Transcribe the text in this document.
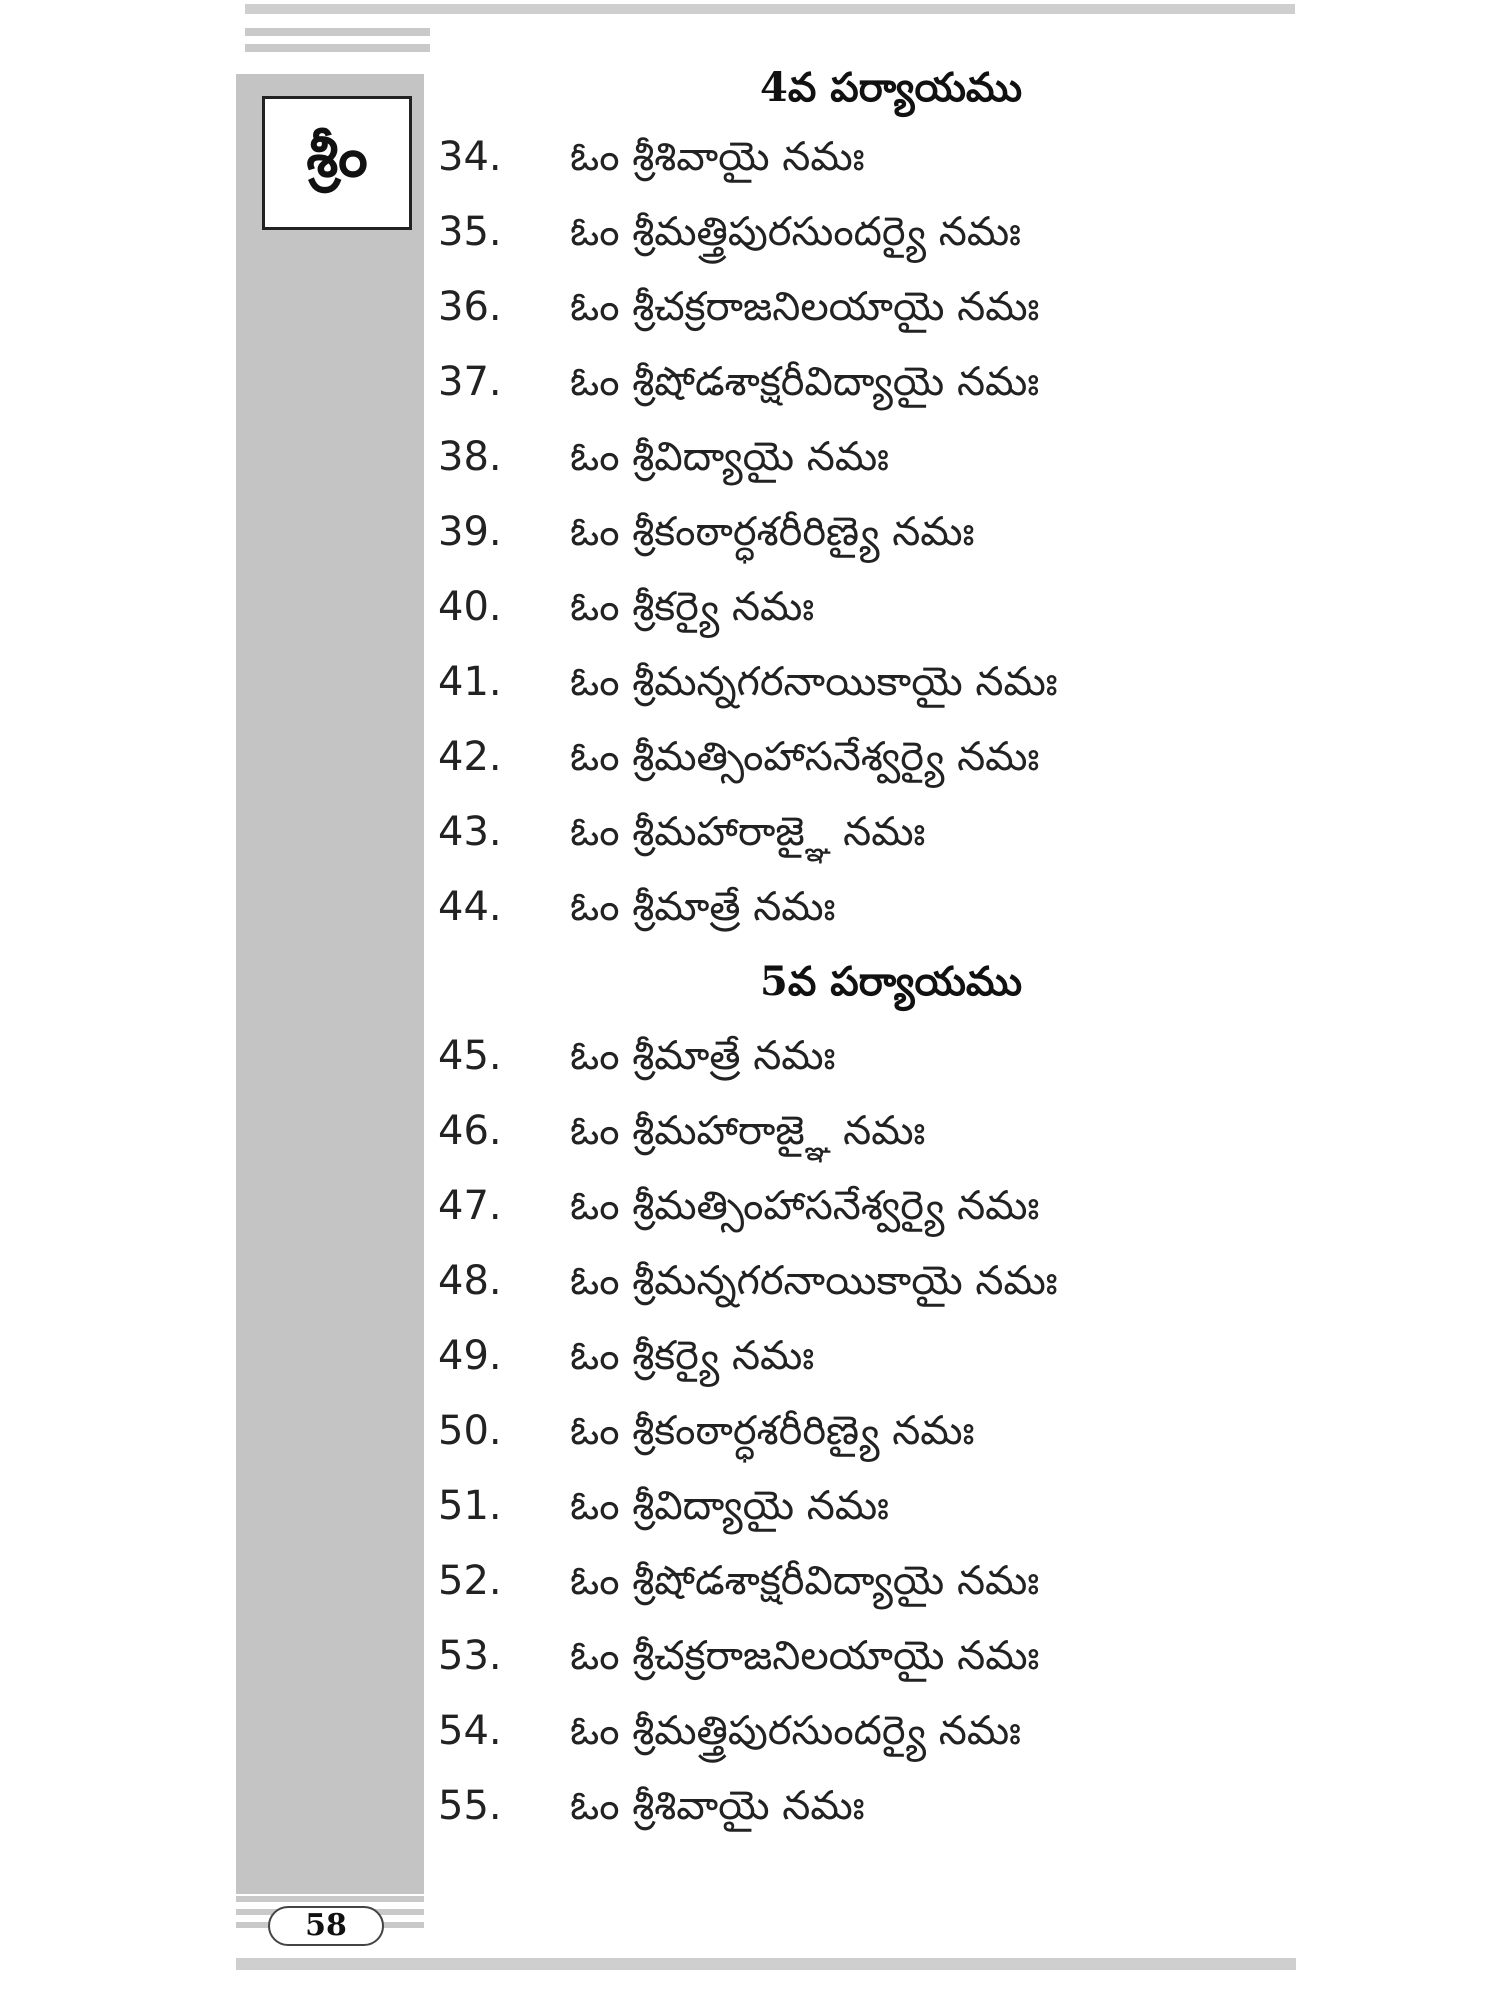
శ్రీం
4వ పర్యాయము
34.	ఓం శ్రీశివాయై నమః
35.	ఓం శ్రీమత్త్రిపురసుందర్యై నమః
36.	ఓం శ్రీచక్రరాజనిలయాయై నమః
37.	ఓం శ్రీషోడశాక్షరీవిద్యాయై నమః
38.	ఓం శ్రీవిద్యాయై నమః
39.	ఓం శ్రీకంఠార్ధశరీరిణ్యై నమః
40.	ఓం శ్రీకర్యై నమః
41.	ఓం శ్రీమన్నగరనాయికాయై నమః
42.	ఓం శ్రీమత్సింహాసనేశ్వర్యై నమః
43.	ఓం శ్రీమహారాజ్ఞై నమః
44.	ఓం శ్రీమాత్రే నమః
5వ పర్యాయము
45.	ఓం శ్రీమాత్రే నమః
46.	ఓం శ్రీమహారాజ్ఞై నమః
47.	ఓం శ్రీమత్సింహాసనేశ్వర్యై నమః
48.	ఓం శ్రీమన్నగరనాయికాయై నమః
49.	ఓం శ్రీకర్యై నమః
50.	ఓం శ్రీకంఠార్ధశరీరిణ్యై నమః
51.	ఓం శ్రీవిద్యాయై నమః
52.	ఓం శ్రీషోడశాక్షరీవిద్యాయై నమః
53.	ఓం శ్రీచక్రరాజనిలయాయై నమః
54.	ఓం శ్రీమత్త్రిపురసుందర్యై నమః
55.	ఓం శ్రీశివాయై నమః
58
